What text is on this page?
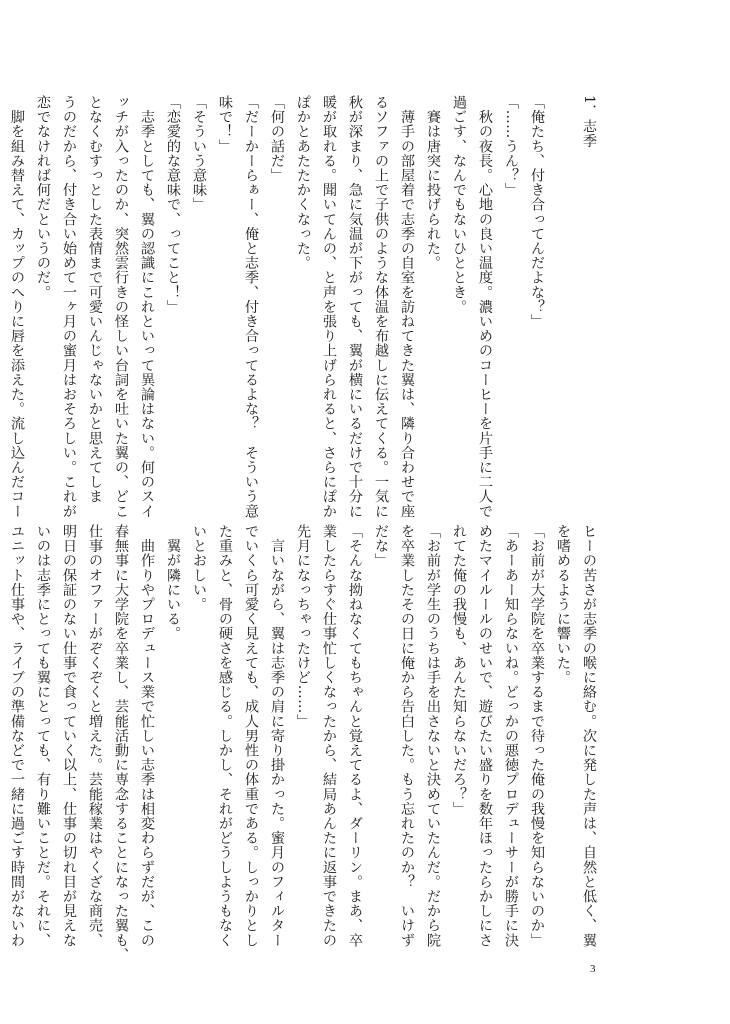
1．志季
「俺たち、付き合ってんだよな？」
「……うん？」
　秋の夜長。心地の良い温度。濃いめのコーヒーを片手に二人で
過ごす、なんでもないひととき。
　賽は唐突に投げられた。
　薄手の部屋着で志季の自室を訪ねてきた翼は、隣り合わせで座
るソファの上で子供のような体温を布越しに伝えてくる。一気に
秋が深まり、急に気温が下がっても、翼が横にいるだけで十分に
暖が取れる。聞いてんの、と声を張り上げられると、さらにぽか
ぽかとあたたかくなった。
「何の話だ」
「だーかーらぁー、俺と志季、付き合ってるよな？　そういう意
味で！」
「そういう意味」
「恋愛的な意味で、ってこと！」
　志季としても、翼の認識にこれといって異論はない。何のスイ
ッチが入ったのか、突然雲行きの怪しい台詞を吐いた翼の、どこ
となくむすっとした表情まで可愛いんじゃないかと思えてしま
うのだから、付き合い始めて一ヶ月の蜜月はおそろしい。これが
恋でなければ何だというのだ。
　脚を組み替えて、カップのへりに唇を添えた。流し込んだコー
ヒーの苦さが志季の喉に絡む。次に発した声は、自然と低く、翼
を嗜めるように響いた。
「お前が大学院を卒業するまで待った俺の我慢を知らないのか」
「あーあー知らないね。どっかの悪徳プロデューサーが勝手に決
めたマイルールのせいで、遊びたい盛りを数年ほったらかしにさ
れてた俺の我慢も、あんた知らないだろ？」
「お前が学生のうちは手を出さないと決めていたんだ。だから院
を卒業したその日に俺から告白した。もう忘れたのか？　いけず
だな」
「そんな拗ねなくてもちゃんと覚えてるよ、ダーリン。まあ、卒
業したらすぐ仕事忙しくなったから、結局あんたに返事できたの
先月になっちゃったけど……」
　言いながら、翼は志季の肩に寄り掛かった。蜜月のフィルター
でいくら可愛く見えても、成人男性の体重である。しっかりとし
た重みと、骨の硬さを感じる。しかし、それがどうしようもなく
いとおしい。
　翼が隣にいる。
　曲作りやプロデュース業で忙しい志季は相変わらずだが、この
春無事に大学院を卒業し、芸能活動に専念することになった翼も、
仕事のオファーがぞくぞくと増えた。芸能稼業はやくざな商売、
明日の保証のない仕事で食っていく以上、仕事の切れ目が見えな
いのは志季にとっても翼にとっても、有り難いことだ。それに、
ユニット仕事や、ライブの準備などで一緒に過ごす時間がないわ
3
